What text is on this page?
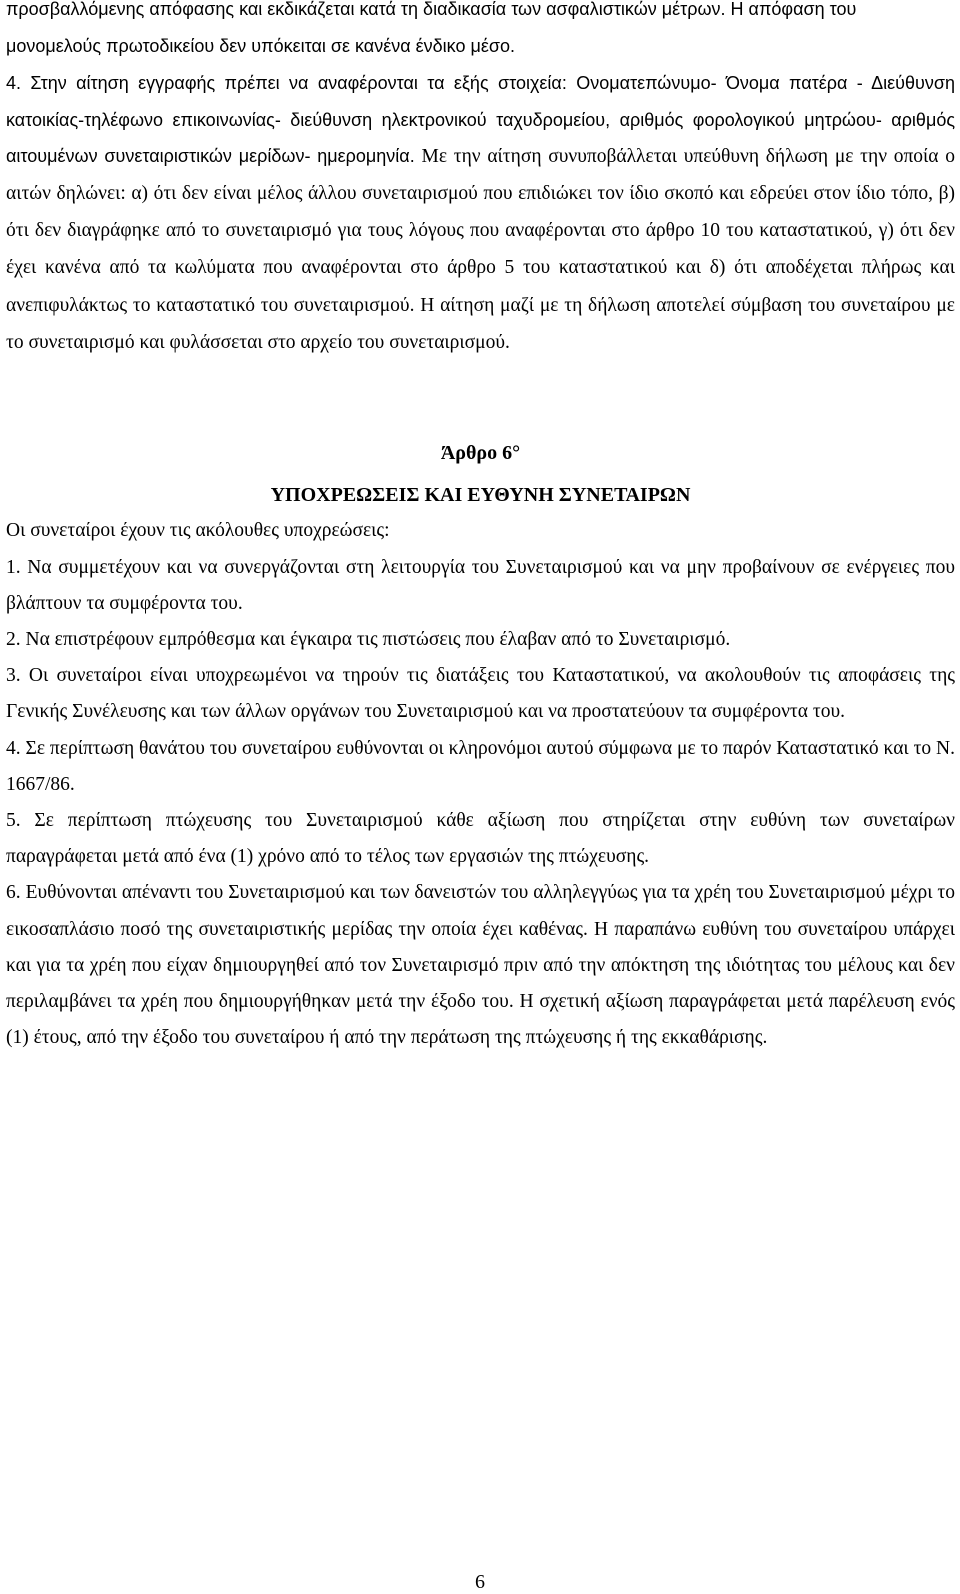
προσβαλλόμενης απόφασης και εκδικάζεται κατά τη διαδικασία των ασφαλιστικών μέτρων. Η απόφαση του μονομελούς πρωτοδικείου δεν υπόκειται σε κανένα ένδικο μέσο.

4. Στην αίτηση εγγραφής πρέπει να αναφέρονται τα εξής στοιχεία: Ονοματεπώνυμο- Όνομα πατέρα - Διεύθυνση κατοικίας-τηλέφωνο επικοινωνίας- διεύθυνση ηλεκτρονικού ταχυδρομείου, αριθμός φορολογικού μητρώου- αριθμός αιτουμένων συνεταιριστικών μερίδων- ημερομηνία. Με την αίτηση συνυποβάλλεται υπεύθυνη δήλωση με την οποία ο αιτών δηλώνει: α) ότι δεν είναι μέλος άλλου συνεταιρισμού που επιδιώκει τον ίδιο σκοπό και εδρεύει στον ίδιο τόπο, β) ότι δεν διαγράφηκε από το συνεταιρισμό για τους λόγους που αναφέρονται στο άρθρο 10 του καταστατικού, γ) ότι δεν έχει κανένα από τα κωλύματα που αναφέρονται στο άρθρο 5 του καταστατικού και δ) ότι αποδέχεται πλήρως και ανεπιφυλάκτως το καταστατικό του συνεταιρισμού. Η αίτηση μαζί με τη δήλωση αποτελεί σύμβαση του συνεταίρου με το συνεταιρισμό και φυλάσσεται στο αρχείο του συνεταιρισμού.

Άρθρο 6°
ΥΠΟΧΡΕΩΣΕΙΣ ΚΑΙ ΕΥΘΥΝΗ ΣΥΝΕΤΑΙΡΩΝ

Οι συνεταίροι έχουν τις ακόλουθες υποχρεώσεις:

1. Να συμμετέχουν και να συνεργάζονται στη λειτουργία του Συνεταιρισμού και να μην προβαίνουν σε ενέργειες που βλάπτουν τα συμφέροντα του.

2. Να επιστρέφουν εμπρόθεσμα και έγκαιρα τις πιστώσεις που έλαβαν από το Συνεταιρισμό.

3. Οι συνεταίροι είναι υποχρεωμένοι να τηρούν τις διατάξεις του Καταστατικού, να ακολουθούν τις αποφάσεις της Γενικής Συνέλευσης και των άλλων οργάνων του Συνεταιρισμού και να προστατεύουν τα συμφέροντα του.

4. Σε περίπτωση θανάτου του συνεταίρου ευθύνονται οι κληρονόμοι αυτού σύμφωνα με το παρόν Καταστατικό και το Ν. 1667/86.

5. Σε περίπτωση πτώχευσης του Συνεταιρισμού κάθε αξίωση που στηρίζεται στην ευθύνη των συνεταίρων παραγράφεται μετά από ένα (1) χρόνο από το τέλος των εργασιών της πτώχευσης.

6. Ευθύνονται απέναντι του Συνεταιρισμού και των δανειστών του αλληλεγγύως για τα χρέη του Συνεταιρισμού μέχρι το εικοσαπλάσιο ποσό της συνεταιριστικής μερίδας την οποία έχει καθένας. Η παραπάνω ευθύνη του συνεταίρου υπάρχει και για τα χρέη που είχαν δημιουργηθεί από τον Συνεταιρισμό πριν από την απόκτηση της ιδιότητας του μέλους και δεν περιλαμβάνει τα χρέη που δημιουργήθηκαν μετά την έξοδο του. Η σχετική αξίωση παραγράφεται μετά παρέλευση ενός (1) έτους, από την έξοδο του συνεταίρου ή από την περάτωση της πτώχευσης ή της εκκαθάρισης.

6
